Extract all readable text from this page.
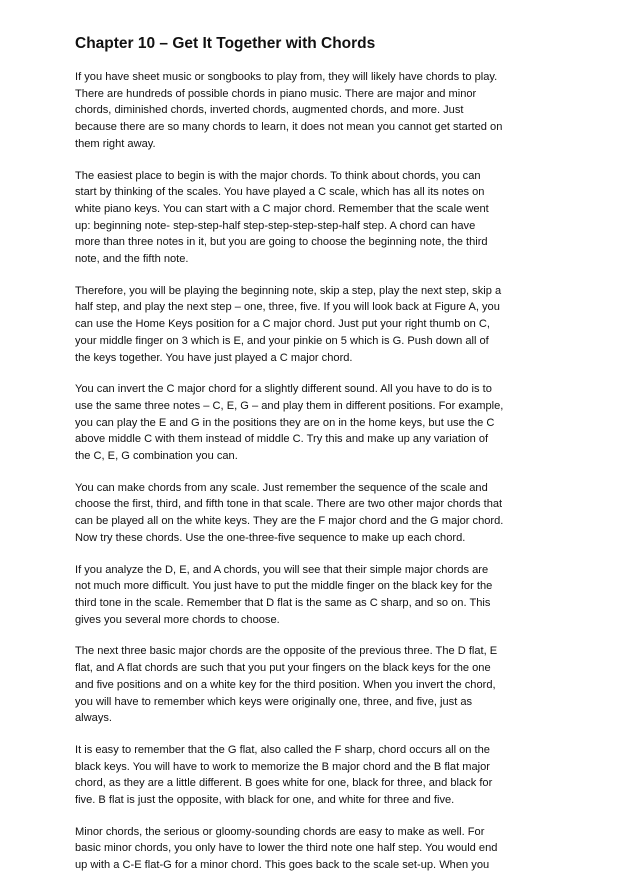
Chapter 10 – Get It Together with Chords
If you have sheet music or songbooks to play from, they will likely have chords to play.
There are hundreds of possible chords in piano music. There are major and minor
chords, diminished chords, inverted chords, augmented chords, and more. Just
because there are so many chords to learn, it does not mean you cannot get started on
them right away.
The easiest place to begin is with the major chords. To think about chords, you can
start by thinking of the scales. You have played a C scale, which has all its notes on
white piano keys. You can start with a C major chord. Remember that the scale went
up: beginning note- step-step-half step-step-step-step-half step. A chord can have
more than three notes in it, but you are going to choose the beginning note, the third
note, and the fifth note.
Therefore, you will be playing the beginning note, skip a step, play the next step, skip a
half step, and play the next step – one, three, five. If you will look back at Figure A, you
can use the Home Keys position for a C major chord. Just put your right thumb on C,
your middle finger on 3 which is E, and your pinkie on 5 which is G. Push down all of
the keys together. You have just played a C major chord.
You can invert the C major chord for a slightly different sound. All you have to do is to
use the same three notes – C, E, G – and play them in different positions. For example,
you can play the E and G in the positions they are on in the home keys, but use the C
above middle C with them instead of middle C. Try this and make up any variation of
the C, E, G combination you can.
You can make chords from any scale. Just remember the sequence of the scale and
choose the first, third, and fifth tone in that scale. There are two other major chords that
can be played all on the white keys. They are the F major chord and the G major chord.
Now try these chords. Use the one-three-five sequence to make up each chord.
If you analyze the D, E, and A chords, you will see that their simple major chords are
not much more difficult. You just have to put the middle finger on the black key for the
third tone in the scale. Remember that D flat is the same as C sharp, and so on. This
gives you several more chords to choose.
The next three basic major chords are the opposite of the previous three. The D flat, E
flat, and A flat chords are such that you put your fingers on the black keys for the one
and five positions and on a white key for the third position. When you invert the chord,
you will have to remember which keys were originally one, three, and five, just as
always.
It is easy to remember that the G flat, also called the F sharp, chord occurs all on the
black keys. You will have to work to memorize the B major chord and the B flat major
chord, as they are a little different. B goes white for one, black for three, and black for
five. B flat is just the opposite, with black for one, and white for three and five.
Minor chords, the serious or gloomy-sounding chords are easy to make as well. For
basic minor chords, you only have to lower the third note one half step. You would end
up with a C-E flat-G for a minor chord. This goes back to the scale set-up. When you
